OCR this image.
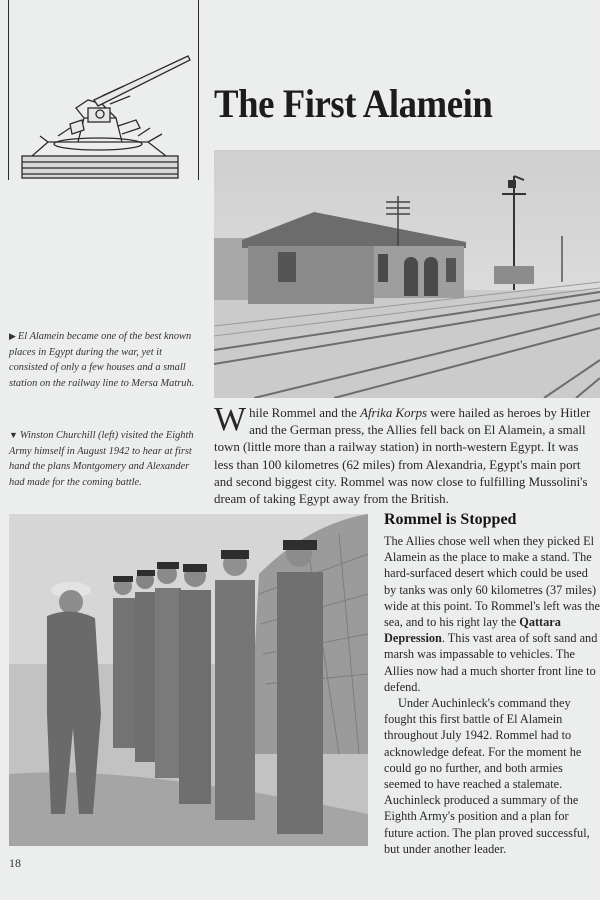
The First Alamein
▶ El Alamein became one of the best known places in Egypt during the war, yet it consisted of only a few houses and a small station on the railway line to Mersa Matruh.
▼ Winston Churchill (left) visited the Eighth Army himself in August 1942 to hear at first hand the plans Montgomery and Alexander had made for the coming battle.
While Rommel and the Afrika Korps were hailed as heroes by Hitler and the German press, the Allies fell back on El Alamein, a small town (little more than a railway station) in north-western Egypt. It was less than 100 kilometres (62 miles) from Alexandria, Egypt's main port and second biggest city. Rommel was now close to fulfilling Mussolini's dream of taking Egypt away from the British.
Rommel is Stopped

The Allies chose well when they picked El Alamein as the place to make a stand. The hard-surfaced desert which could be used by tanks was only 60 kilometres (37 miles) wide at this point. To Rommel's left was the sea, and to his right lay the Qattara Depression. This vast area of soft sand and marsh was impassable to vehicles. The Allies now had a much shorter front line to defend.

Under Auchinleck's command they fought this first battle of El Alamein throughout July 1942. Rommel had to acknowledge defeat. For the moment he could go no further, and both armies seemed to have reached a stalemate. Auchinleck produced a summary of the Eighth Army's position and a plan for future action. The plan proved successful, but under another leader.

18
